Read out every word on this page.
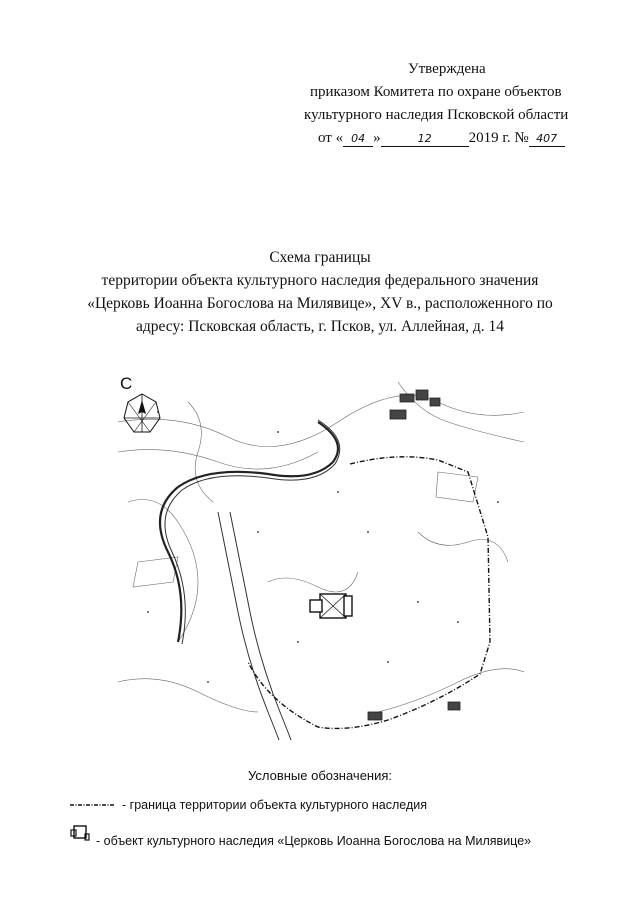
Утверждена
приказом Комитета по охране объектов
культурного наследия Псковской области
от « 04 »	12 2019 г. № 407
Схема границы
территории объекта культурного наследия федерального значения
«Церковь Иоанна Богослова на Милявице», XV в., расположенного по
адресу: Псковская область, г. Псков, ул. Аллейная, д. 14
С
Условные обозначения:
- граница территории объекта культурного наследия
- объект культурного наследия «Церковь Иоанна Богослова на Милявице»
